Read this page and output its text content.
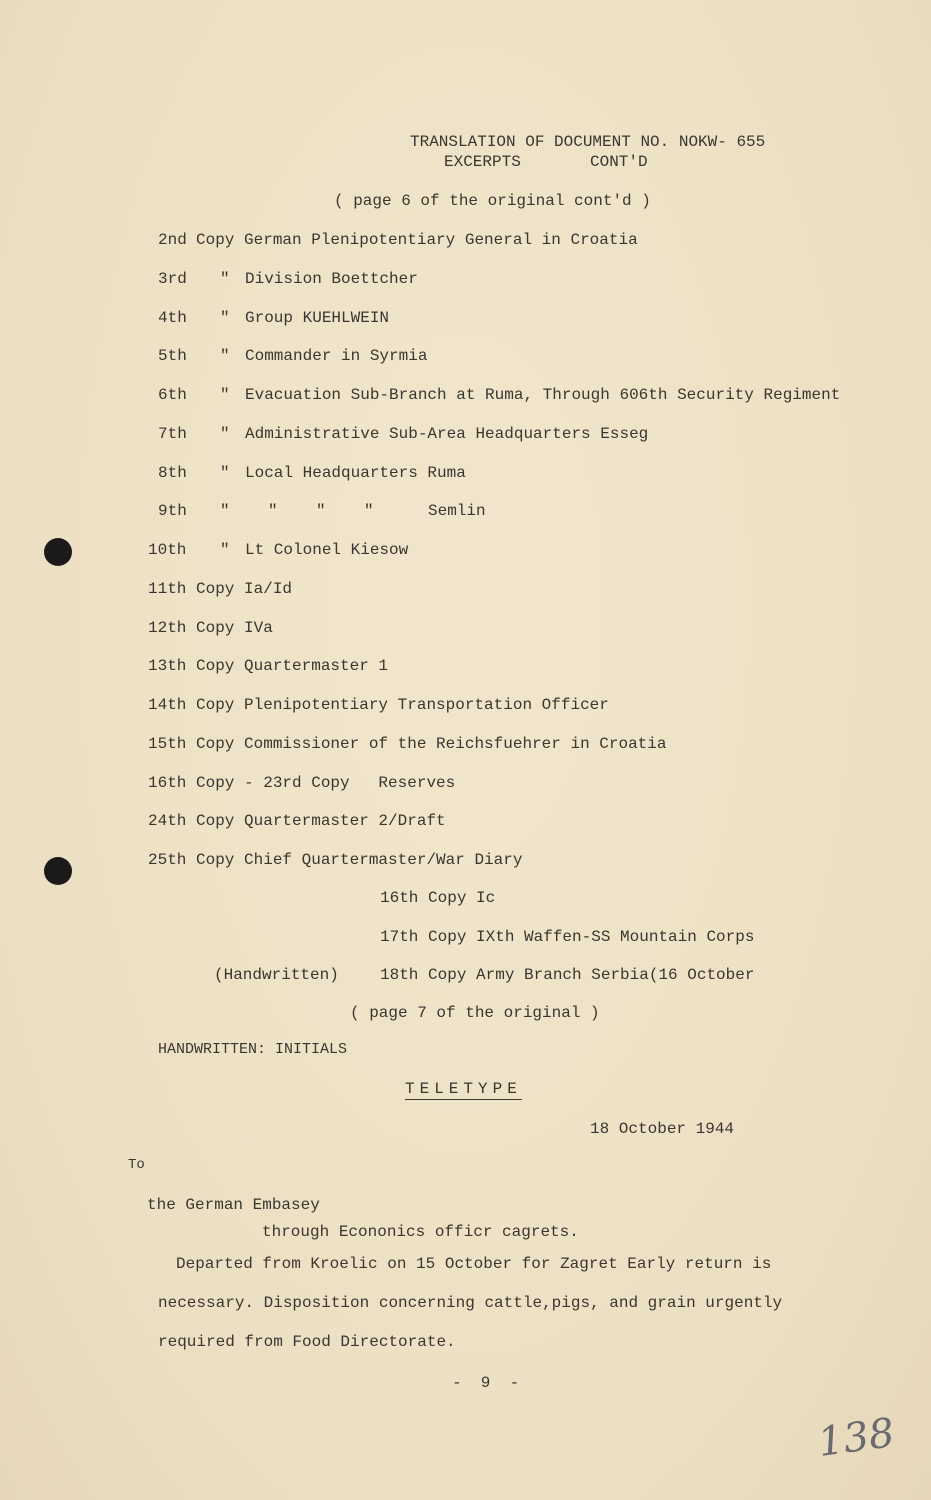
TRANSLATION OF DOCUMENT NO. NOKW- 655
EXCERPTS	CONT'D
( page 6 of the original cont'd )
2nd Copy German Plenipotentiary General in Croatia
3rd " Division Boettcher
4th " Group KUEHLWEIN
5th " Commander in Syrmia
6th " Evacuation Sub-Branch at Ruma, Through 606th Security Regiment
7th " Administrative Sub-Area Headquarters Esseg
8th " Local Headquarters Ruma
9th "    "    "    "	Semlin
10th " Lt Colonel Kiesow
11th Copy Ia/Id
12th Copy IVa
13th Copy Quartermaster 1
14th Copy Plenipotentiary Transportation Officer
15th Copy Commissioner of the Reichsfuehrer in Croatia
16th Copy - 23rd Copy   Reserves
24th Copy Quartermaster 2/Draft
25th Copy Chief Quartermaster/War Diary
16th Copy Ic
17th Copy IXth Waffen-SS Mountain Corps
(Handwritten)	18th Copy Army Branch Serbia(16 October
( page 7 of the original )
HANDWRITTEN: INITIALS
TELETYPE
18 October 1944
To
the German Embasey
through Econonics officr cagrets.
Departed from Kroelic on 15 October for Zagret Early return is
necessary. Disposition concerning cattle,pigs, and grain urgently
required from Food Directorate.
-  9  -
138
